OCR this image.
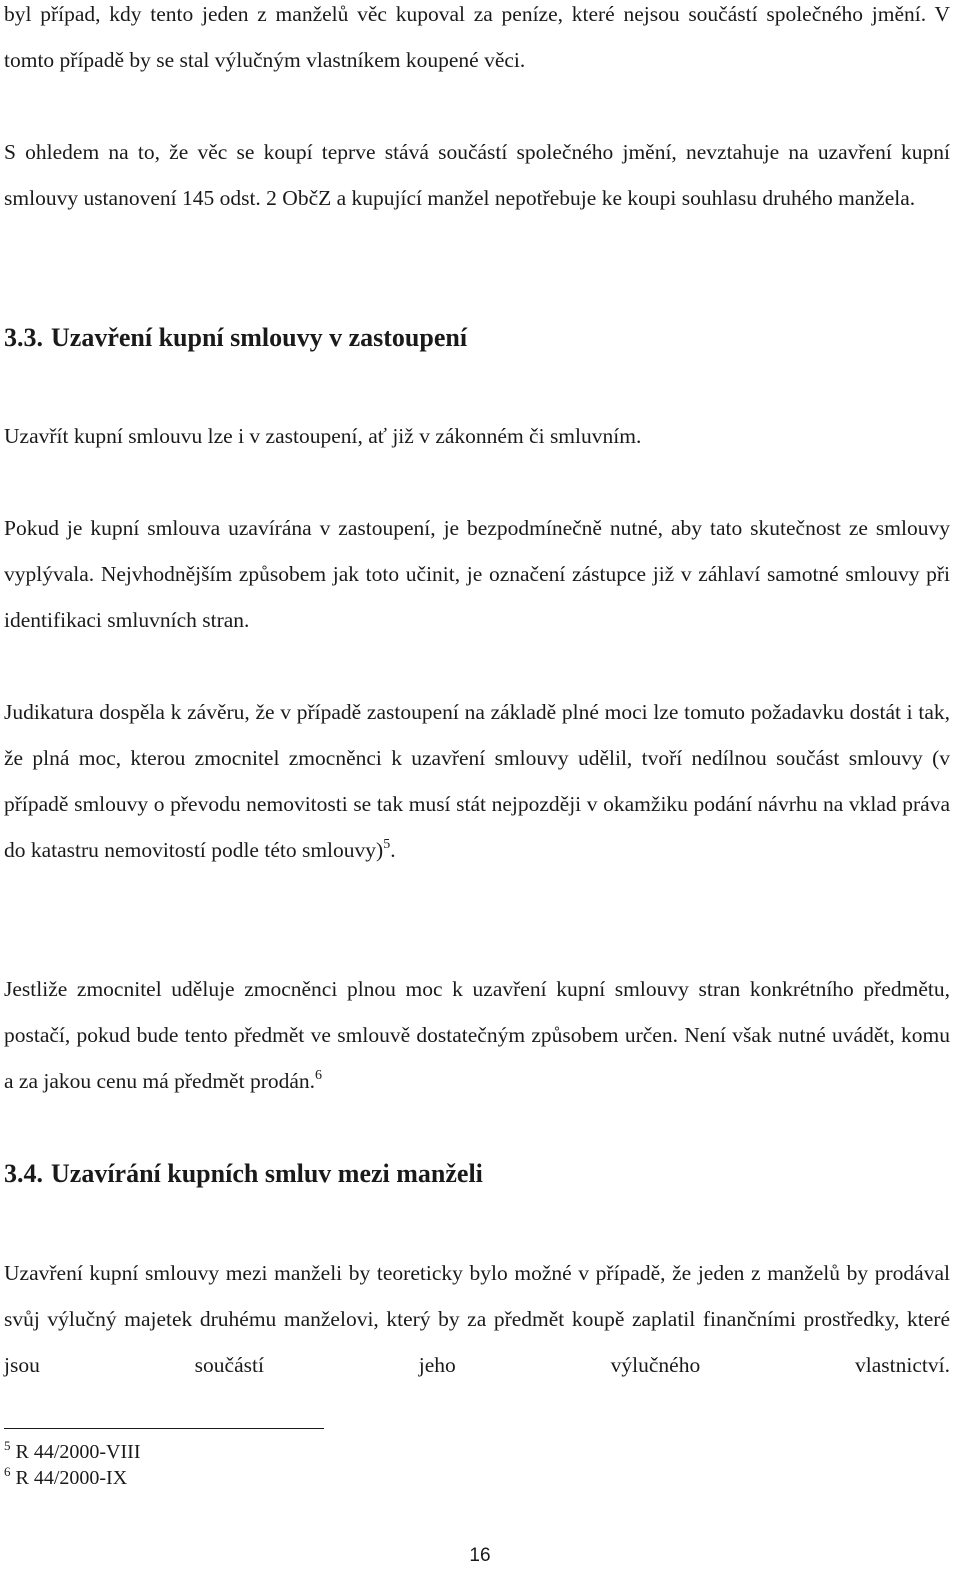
byl případ, kdy tento jeden z manželů věc kupoval za peníze, které nejsou součástí společného jmění. V tomto případě by se stal výlučným vlastníkem koupené věci.

S ohledem na to, že věc se koupí teprve stává součástí společného jmění, nevztahuje na uzavření kupní smlouvy ustanovení 145 odst. 2 ObčZ a kupující manžel nepotřebuje ke koupi souhlasu druhého manžela.

3.3. Uzavření kupní smlouvy v zastoupení

Uzavřít kupní smlouvu lze i v zastoupení, ať již v zákonném či smluvním.

Pokud je kupní smlouva uzavírána v zastoupení, je bezpodmínečně nutné, aby tato skutečnost ze smlouvy vyplývala. Nejvhodnějším způsobem jak toto učinit, je označení zástupce již v záhlaví samotné smlouvy při identifikaci smluvních stran.

Judikatura dospěla k závěru, že v případě zastoupení na základě plné moci lze tomuto požadavku dostát i tak, že plná moc, kterou zmocnitel zmocněnci k uzavření smlouvy udělil, tvoří nedílnou součást smlouvy (v případě smlouvy o převodu nemovitosti se tak musí stát nejpozději v okamžiku podání návrhu na vklad práva do katastru nemovitostí podle této smlouvy)$^5$.

Jestliže zmocnitel uděluje zmocněnci plnou moc k uzavření kupní smlouvy stran konkrétního předmětu, postačí, pokud bude tento předmět ve smlouvě dostatečným způsobem určen. Není však nutné uvádět, komu a za jakou cenu má předmět prodán.$^6$

3.4. Uzavírání kupních smluv mezi manželi

Uzavření kupní smlouvy mezi manželi by teoreticky bylo možné v případě, že jeden z manželů by prodával svůj výlučný majetek druhému manželovi, který by za předmět koupě zaplatil finančními prostředky, které jsou součástí jeho výlučného vlastnictví.

$^5$ R 44/2000-VIII

$^6$ R 44/2000-IX

16
